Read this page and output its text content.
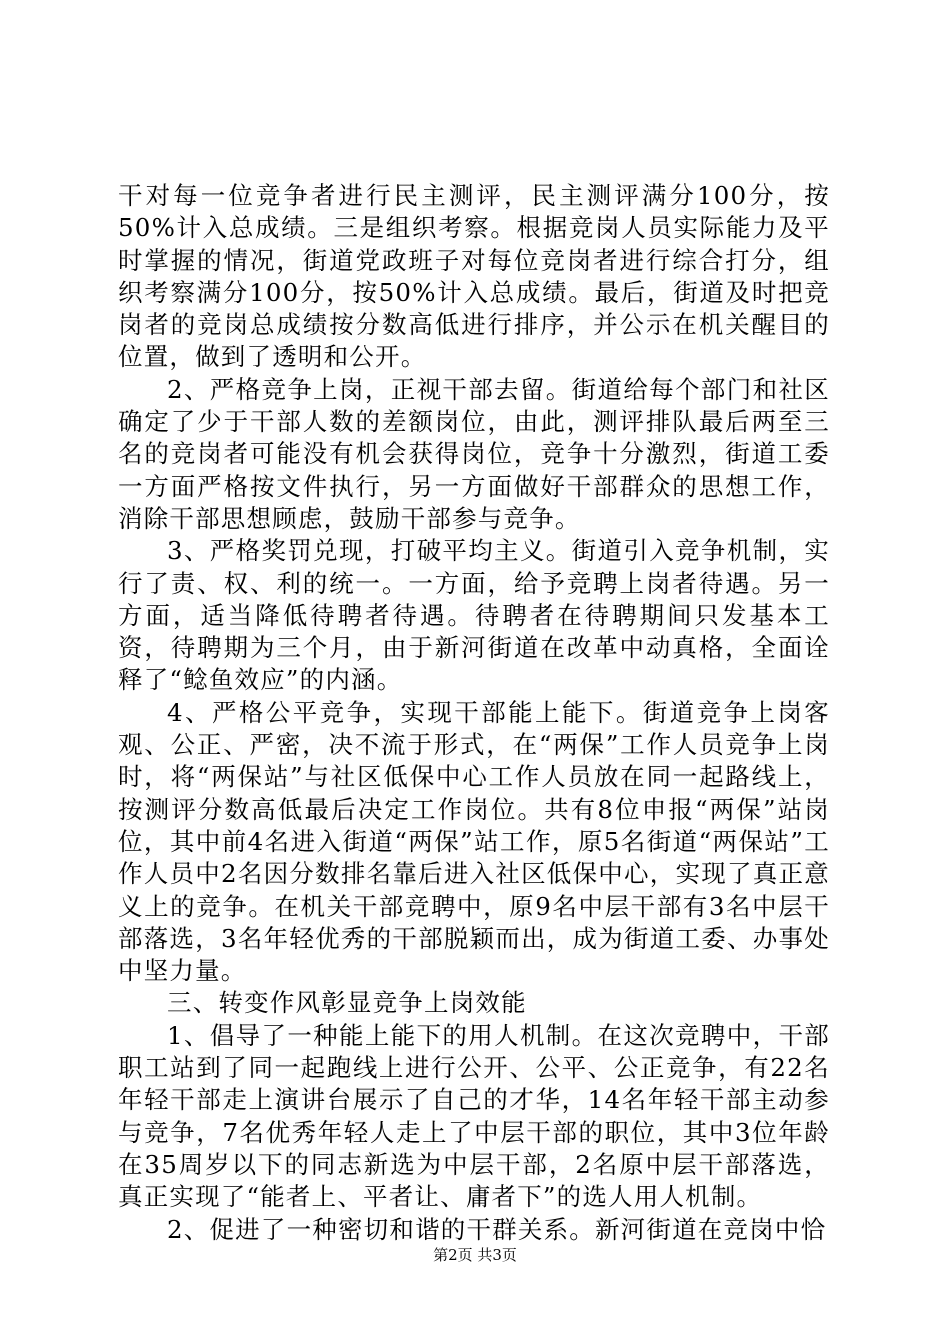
干对每一位竞争者进行民主测评，民主测评满分100分，按50%计入总成绩。三是组织考察。根据竞岗人员实际能力及平时掌握的情况，街道党政班子对每位竞岗者进行综合打分，组织考察满分100分，按50%计入总成绩。最后，街道及时把竞岗者的竞岗总成绩按分数高低进行排序，并公示在机关醒目的位置，做到了透明和公开。

2、严格竞争上岗，正视干部去留。街道给每个部门和社区确定了少于干部人数的差额岗位，由此，测评排队最后两至三名的竞岗者可能没有机会获得岗位，竞争十分激烈，街道工委一方面严格按文件执行，另一方面做好干部群众的思想工作，消除干部思想顾虑，鼓励干部参与竞争。

3、严格奖罚兑现，打破平均主义。街道引入竞争机制，实行了责、权、利的统一。一方面，给予竞聘上岗者待遇。另一方面，适当降低待聘者待遇。待聘者在待聘期间只发基本工资，待聘期为三个月，由于新河街道在改革中动真格，全面诠释了“鲶鱼效应”的内涵。

4、严格公平竞争，实现干部能上能下。街道竞争上岗客观、公正、严密，决不流于形式，在“两保”工作人员竞争上岗时，将“两保站”与社区低保中心工作人员放在同一起路线上，按测评分数高低最后决定工作岗位。共有8位申报“两保”站岗位，其中前4名进入街道“两保”站工作，原5名街道“两保站”工作人员中2名因分数排名靠后进入社区低保中心，实现了真正意义上的竞争。在机关干部竞聘中，原9名中层干部有3名中层干部落选，3名年轻优秀的干部脱颖而出，成为街道工委、办事处中坚力量。

三、转变作风彰显竞争上岗效能

1、倡导了一种能上能下的用人机制。在这次竞聘中，干部职工站到了同一起跑线上进行公开、公平、公正竞争，有22名年轻干部走上演讲台展示了自己的才华，14名年轻干部主动参与竞争，7名优秀年轻人走上了中层干部的职位，其中3位年龄在35周岁以下的同志新选为中层干部，2名原中层干部落选，真正实现了“能者上、平者让、庸者下”的选人用人机制。

2、促进了一种密切和谐的干群关系。新河街道在竞岗中恰

第2页 共3页
